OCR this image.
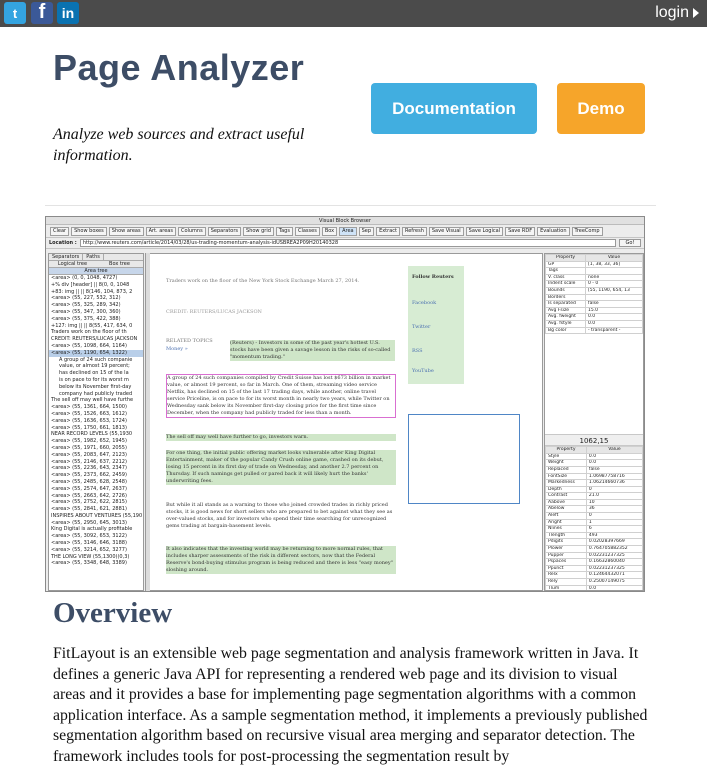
t f in	login
Page Analyzer

Analyze web sources and extract useful information.

Documentation	Demo
Visual Block Browser
Clear	Show boxes	Show areas	Art. areas	Columns	Separators	Show grid	Tags	Classes	Box	Area	Sep	Extract	Refresh	Save Visual	Save Logical	Save RDF	Evaluation	TreeComp
Location :	http://www.reuters.com/article/2014/03/28/us-trading-momentum-analysis-idUSBREA2P09H20140328	Go!
Separators	Paths
Logical tree	Box tree
Area tree
<area> (0, 0, 1048, 4727)
+% div [header] || 8(0, 0, 1048
+83: img || || 8(146, 104, 873, 2
<area> (55, 227, 532, 312)
<area> (55, 325, 289, 342)
<area> (55, 347, 300, 360)
<area> (55, 375, 422, 388)
+127: img || || 8(55, 417, 634, 0
Traders work on the floor of th
CREDIT: REUTERS/LUCAS JACKSON
<area> (55, 1098, 664, 1164)
<area> (55, 1190, 654, 1322)
A group of 24 such companie
value, or almost 19 percent;
has declined on 15 of the la
is on pace to for its worst m
below its November first-day
company had publicly traded
The sell off may well have furthe
<area> (55, 1361, 664, 1500)
<area> (55, 1526, 663, 1612)
<area> (55, 1636, 653, 1724)
<area> (55, 1750, 661, 1813)
NEAR RECORD LEVELS (55,1930
<area> (55, 1982, 652, 1945)
<area> (55, 1971, 660, 2055)
<area> (55, 2083, 647, 2123)
<area> (55, 2146, 637, 2212)
<area> (55, 2236, 643, 2347)
<area> (55, 2373, 662, 2459)
<area> (55, 2485, 628, 2548)
<area> (55, 2574, 647, 2637)
<area> (55, 2663, 642, 2726)
<area> (55, 2752, 622, 2815)
<area> (55, 2841, 621, 2881)
INSPIRES ABOUT VENTURES (55,190
<area> (55, 2950, 645, 3013)
King Digital is actually profitable
<area> (55, 3092, 653, 3122)
<area> (55, 3146, 646, 3188)
<area> (55, 3214, 652, 3277)
THE LONG VIEW (55,1300)(0,3)
<area> (55, 3348, 648, 3389)
Traders work on the floor of the New York Stock Exchange March 27, 2014.
CREDIT: REUTERS/LUCAS JACKSON
RELATED TOPICS
Money »
(Reuters) - Investors in some of the past year's hottest U.S. stocks have been given a savage lesson in the risks of so-called "momentum trading."
A group of 24 such companies compiled by Credit Suisse has lost $673 billion in market value, or almost 19 percent, so far in March. One of them, streaming video service Netflix, has declined on 15 of the last 17 trading days, while another, online travel service Priceline, is on pace to for its worst month in nearly two years, while Twitter on Wednesday sank below its November first-day closing price for the first time since December, when the company had publicly traded for less than a month.
The sell off may well have further to go, investors warn.
For one thing, the initial public offering market looks vulnerable after King Digital Entertainment, maker of the popular Candy Crush online game, crashed on its debut, losing 15 percent in its first day of trade on Wednesday, and another 2.7 percent on Thursday. If such namings get pulled or pared back it will likely hurt the banks' underwriting fees.
But while it all stands as a warning to those who joined crowded trades in richly priced stocks, it is good news for short sellers who are prepared to bet against what they see as over-valued stocks, and for investors who spend their time searching for unrecognized gems trading at bargain-basement levels.
It also indicates that the investing world may be returning to more normal rules, that includes sharper assessments of the risk in different sectors, now that the Federal Reserve's bond-buying stimulus program is being reduced and there is less "easy money" sloshing around.
Follow Reuters
Facebook
Twitter
RSS
YouTube
Property	Value
GP	[1, 38, 33, 36]
Tags	
V. class	none
Indent scale	0 - 0
Bounds	[55, 1190, 654, 13
Borders	
Is separated	false
Avg Fsize	15.0
Avg. fweight	0.0
Avg. fstyle	0.0
Bg color	- transparent -
1062,15
Property	Value
Style	0.0
Weight	0.0
Replaced	false
FontSize	1.06987758716
Markedness	1.06214660736
Depth	0
Contrast	21.0
Aabove	10
Abelow	36
Aleft	0
Aright	1
Nlines	6
Tlength	493
Pdigits	0.02028397669
Plower	0.764705882352
Pupper	0.02231237325
Pspaces	0.16632860040
Ppunct	0.02231237325
Relx	0.12464432071
Rely	0.25007149075
Tlum	0.0
Overview

FitLayout is an extensible web page segmentation and analysis framework written in Java. It defines a generic Java API for representing a rendered web page and its division to visual areas and it provides a base for implementing page segmentation algorithms with a common application interface. As a sample segmentation method, it implements a previously published segmentation algorithm based on recursive visual area merging and separator detection. The framework includes tools for post-processing the segmentation result by
